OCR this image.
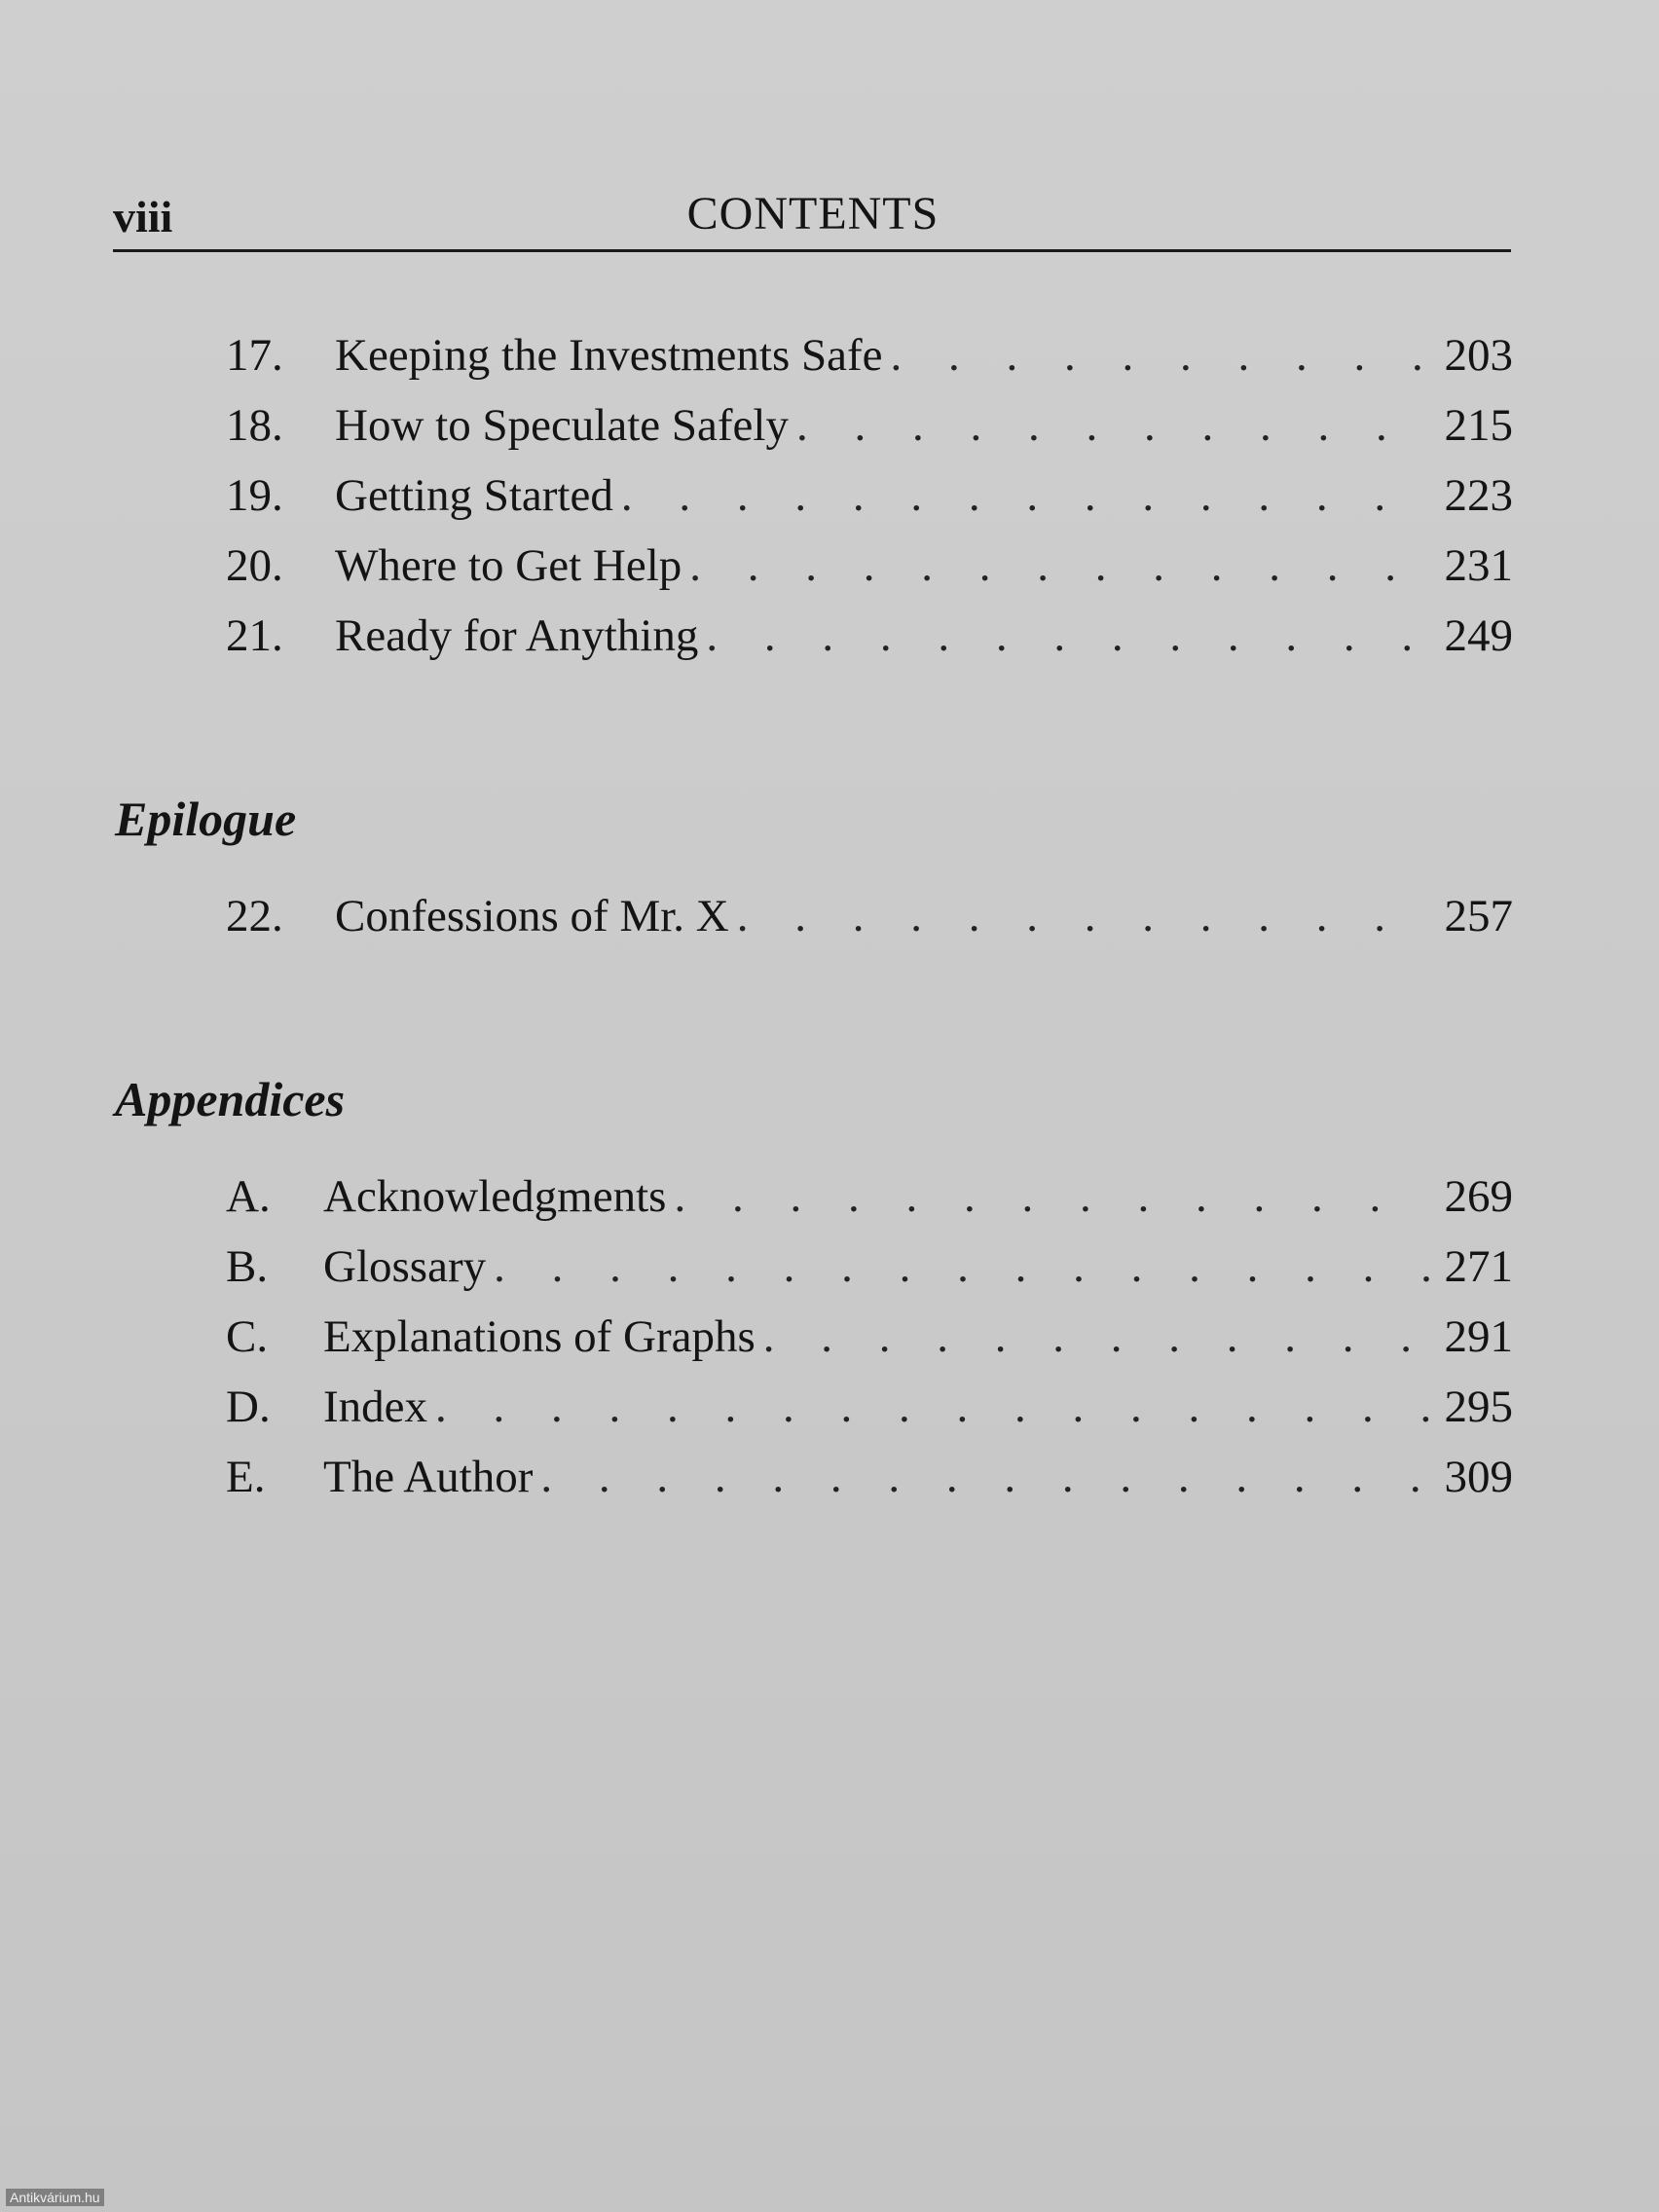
viii	CONTENTS
17.	Keeping the Investments Safe . . .	203
18.	How to Speculate Safely . . .	215
19.	Getting Started . . .	223
20.	Where to Get Help . . .	231
21.	Ready for Anything . . .	249
Epilogue
22.	Confessions of Mr. X . . .	257
Appendices
A.	Acknowledgments . . .	269
B.	Glossary . . .	271
C.	Explanations of Graphs . . .	291
D.	Index . . .	295
E.	The Author . . .	309
Antikvárium.hu
